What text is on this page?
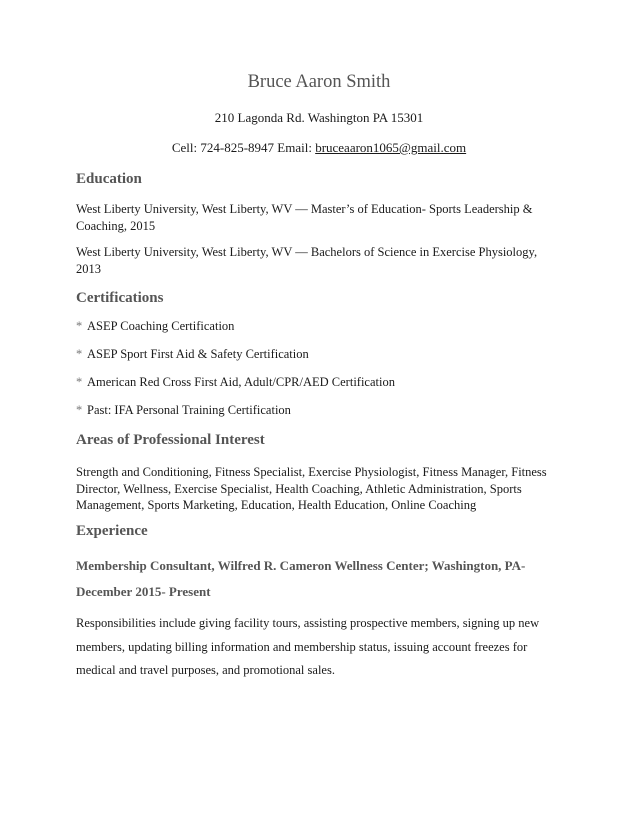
Bruce Aaron Smith
210 Lagonda Rd. Washington PA 15301
Cell: 724-825-8947 Email: bruceaaron1065@gmail.com
Education
West Liberty University, West Liberty, WV — Master’s of Education- Sports Leadership & Coaching, 2015
West Liberty University, West Liberty, WV — Bachelors of Science in Exercise Physiology, 2013
Certifications
* ASEP Coaching Certification
* ASEP Sport First Aid & Safety Certification
* American Red Cross First Aid, Adult/CPR/AED Certification
* Past: IFA Personal Training Certification
Areas of Professional Interest
Strength and Conditioning, Fitness Specialist, Exercise Physiologist, Fitness Manager, Fitness Director, Wellness, Exercise Specialist, Health Coaching, Athletic Administration, Sports Management, Sports Marketing, Education, Health Education, Online Coaching
Experience
Membership Consultant, Wilfred R. Cameron Wellness Center; Washington, PA- December 2015- Present
Responsibilities include giving facility tours, assisting prospective members, signing up new members, updating billing information and membership status, issuing account freezes for medical and travel purposes, and promotional sales.
